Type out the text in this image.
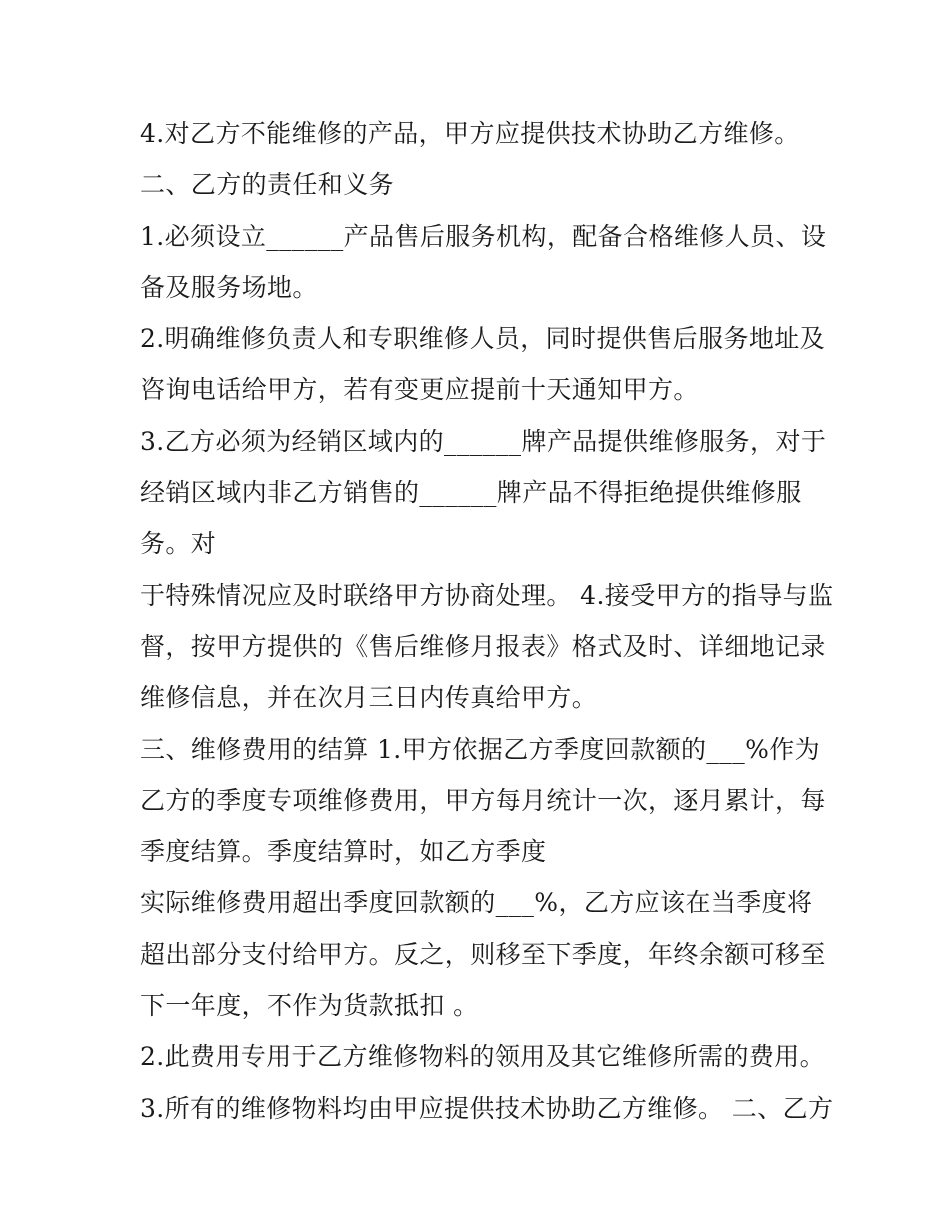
4.对乙方不能维修的产品，甲方应提供技术协助乙方维修。
二、乙方的责任和义务
1.必须设立______产品售后服务机构，配备合格维修人员、设
备及服务场地。
2.明确维修负责人和专职维修人员，同时提供售后服务地址及
咨询电话给甲方，若有变更应提前十天通知甲方。
3.乙方必须为经销区域内的______牌产品提供维修服务，对于
经销区域内非乙方销售的______牌产品不得拒绝提供维修服
务。对
于特殊情况应及时联络甲方协商处理。 4.接受甲方的指导与监
督，按甲方提供的《售后维修月报表》格式及时、详细地记录
维修信息，并在次月三日内传真给甲方。
三、维修费用的结算 1.甲方依据乙方季度回款额的___%作为
乙方的季度专项维修费用，甲方每月统计一次，逐月累计，每
季度结算。季度结算时，如乙方季度
实际维修费用超出季度回款额的___%，乙方应该在当季度将
超出部分支付给甲方。反之，则移至下季度，年终余额可移至
下一年度，不作为货款抵扣 。
2.此费用专用于乙方维修物料的领用及其它维修所需的费用。
3.所有的维修物料均由甲应提供技术协助乙方维修。 二、乙方
